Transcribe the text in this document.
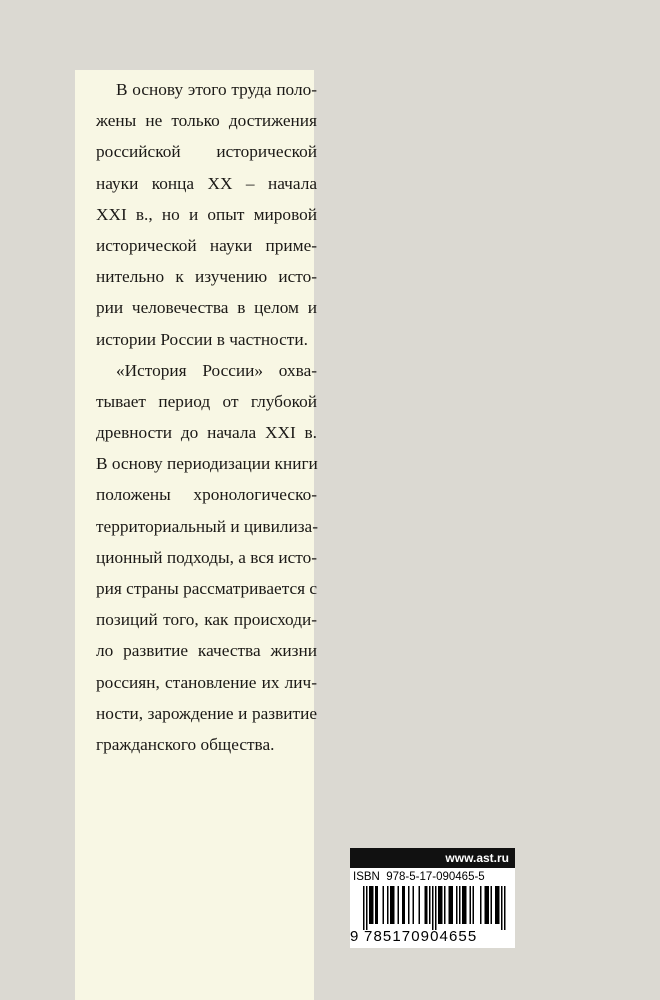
В основу этого труда поло-
жены не только достижения
российской исторической
науки конца XX – начала
XXI в., но и опыт мировой
исторической науки приме-
нительно к изучению исто-
рии человечества в целом и
истории России в частности.
«История России» охва-
тывает период от глубокой
древности до начала XXI в.
В основу периодизации книги
положены хронологическо-
территориальный и цивилиза-
ционный подходы, а вся исто-
рия страны рассматривается с
позиций того, как происходи-
ло развитие качества жизни
россиян, становление их лич-
ности, зарождение и развитие
гражданского общества.
www.ast.ru
ISBN 978-5-17-090465-5
9 785170904655
